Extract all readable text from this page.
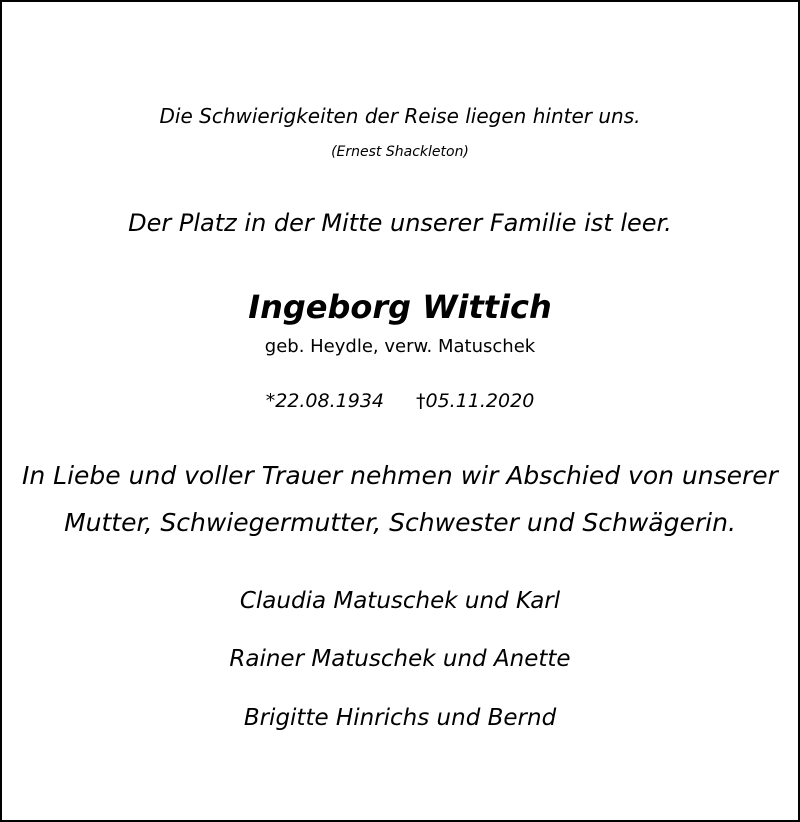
Die Schwierigkeiten der Reise liegen hinter uns.
(Ernest Shackleton)
Der Platz in der Mitte unserer Familie ist leer.
Ingeborg Wittich
geb. Heydle, verw. Matuschek
*22.08.1934 †05.11.2020
In Liebe und voller Trauer nehmen wir Abschied von unserer
Mutter, Schwiegermutter, Schwester und Schwägerin.
Claudia Matuschek und Karl
Rainer Matuschek und Anette
Brigitte Hinrichs und Bernd
